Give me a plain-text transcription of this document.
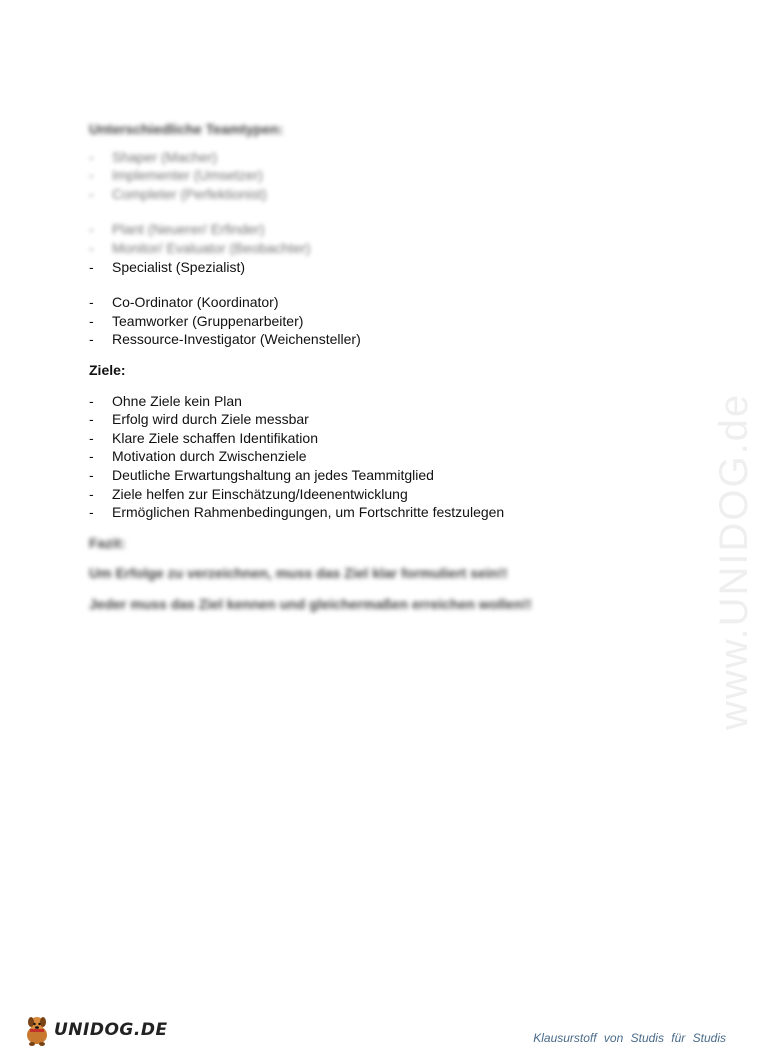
Unterschiedliche Teamtypen:
- Shaper (Macher)
- Implementer (Umsetzer)
- Completer (Perfektionist)
- Plant (Neuerer/ Erfinder)
- Monitor/ Evaluator (Beobachter)
- Specialist (Spezialist)
- Co-Ordinator (Koordinator)
- Teamworker (Gruppenarbeiter)
- Ressource-Investigator (Weichensteller)
Ziele:
- Ohne Ziele kein Plan
- Erfolg wird durch Ziele messbar
- Klare Ziele schaffen Identifikation
- Motivation durch Zwischenziele
- Deutliche Erwartungshaltung an jedes Teammitglied
- Ziele helfen zur Einschätzung/Ideenentwicklung
- Ermöglichen Rahmenbedingungen, um Fortschritte festzulegen

Fazit:

Um Erfolge zu verzeichnen, muss das Ziel klar formuliert sein!!

Jeder muss das Ziel kennen und gleichermaßen erreichen wollen!!	www.UNIDOG.de
UNIDOG.DE	Klausurstoff von Studis für Studis
